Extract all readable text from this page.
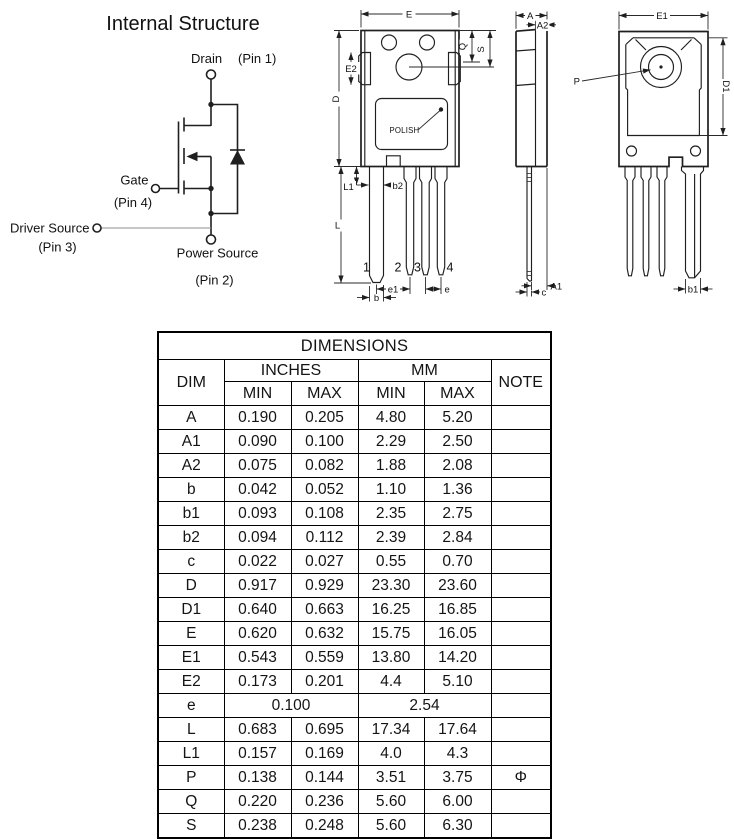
Internal Structure
Drain (Pin 1)
Gate
(Pin 4)
Driver Source
(Pin 3)	Power Source
(Pin 2)
E
D
E2
Q S
POLISH
L
L1	b2
1 2 3 4
e1	e
b
A
A2
A1
c
E1
P	D1
b1
DIMENSIONS					
DIM	INCHES		MM		NOTE
	MIN	MAX	MIN	MAX	
A	0.190	0.205	4.80	5.20	
A1	0.090	0.100	2.29	2.50	
A2	0.075	0.082	1.88	2.08	
b	0.042	0.052	1.10	1.36	
b1	0.093	0.108	2.35	2.75	
b2	0.094	0.112	2.39	2.84	
c	0.022	0.027	0.55	0.70	
D	0.917	0.929	23.30	23.60	
D1	0.640	0.663	16.25	16.85	
E	0.620	0.632	15.75	16.05	
E1	0.543	0.559	13.80	14.20	
E2	0.173	0.201	4.4	5.10	
e	0.100		2.54		
L	0.683	0.695	17.34	17.64	
L1	0.157	0.169	4.0	4.3	
P	0.138	0.144	3.51	3.75	Φ
Q	0.220	0.236	5.60	6.00	
S	0.238	0.248	5.60	6.30	
